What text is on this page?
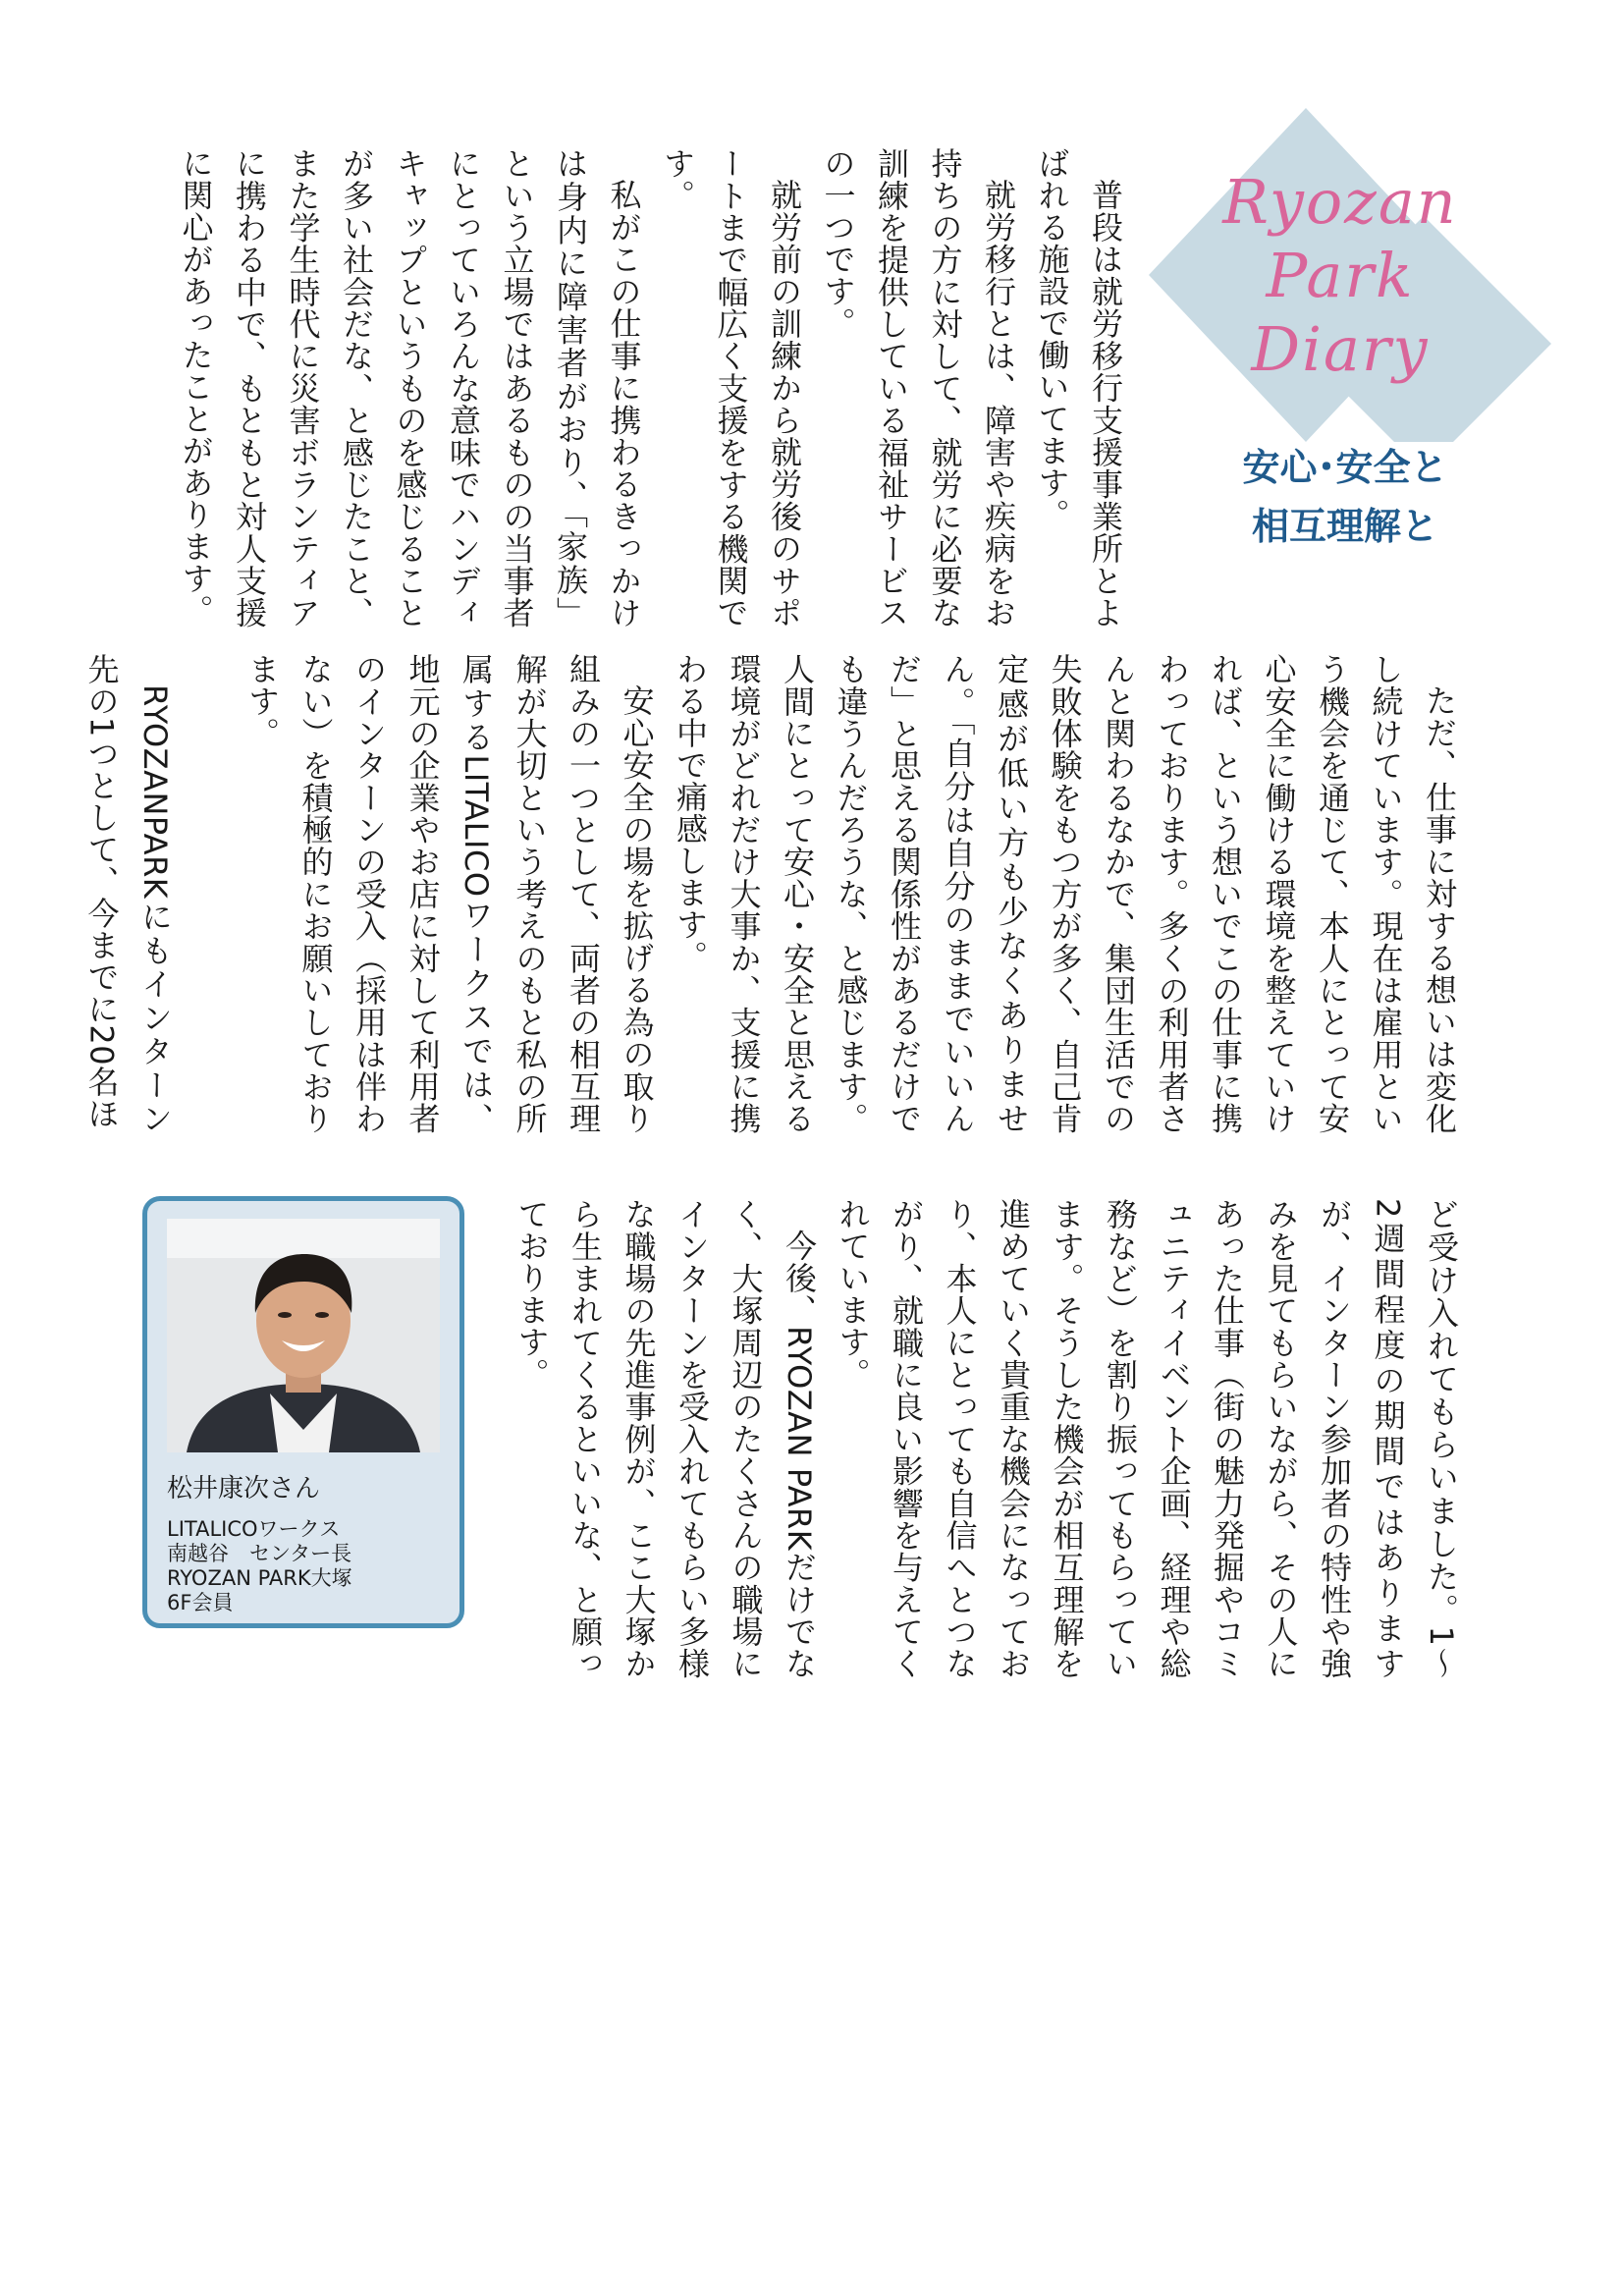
Ryozan
Park
Diary
安心･安全と
相互理解と

普段は就労移行支援事業所とよばれる施設で働いてます。

就労移行とは、障害や疾病をお持ちの方に対して、就労に必要な訓練を提供している福祉サービスの一つです。

就労前の訓練から就労後のサポートまで幅広く支援をする機関です。

私がこの仕事に携わるきっかけは身内に障害者がおり、「家族」という立場ではあるものの当事者にとっていろんな意味でハンディキャップというものを感じることが多い社会だな、と感じたこと、また学生時代に災害ボランティアに携わる中で、もともと対人支援に関心があったことがあります。

ただ、仕事に対する想いは変化し続けています。現在は雇用という機会を通じて、本人にとって安心安全に働ける環境を整えていければ、という想いでこの仕事に携わっております。多くの利用者さんと関わるなかで、集団生活での失敗体験をもつ方が多く、自己肯定感が低い方も少なくありません。「自分は自分のままでいいんだ」と思える関係性があるだけでも違うんだろうな、と感じます。人間にとって安心・安全と思える環境がどれだけ大事か、支援に携わる中で痛感します。

安心安全の場を拡げる為の取り組みの一つとして、両者の相互理解が大切という考えのもと私の所属するLITALICOワークスでは、地元の企業やお店に対して利用者のインターンの受入（採用は伴わない）を積極的にお願いしております。

RYOZANPARKにもインターン先の1つとして、今までに20名ほ

ど受け入れてもらいました。1～2週間程度の期間ではありますが、インターン参加者の特性や強みを見てもらいながら、その人にあった仕事（街の魅力発掘やコミュニティイベント企画、経理や総務など）を割り振ってもらっています。そうした機会が相互理解を進めていく貴重な機会になっており、本人にとっても自信へとつながり、就職に良い影響を与えてくれています。

今後、RYOZAN PARKだけでなく、大塚周辺のたくさんの職場にインターンを受入れてもらい多様な職場の先進事例が、ここ大塚から生まれてくるといいな、と願っております。

松井康次さん
LITALICOワークス
南越谷　センター長
RYOZAN PARK大塚
6F会員
